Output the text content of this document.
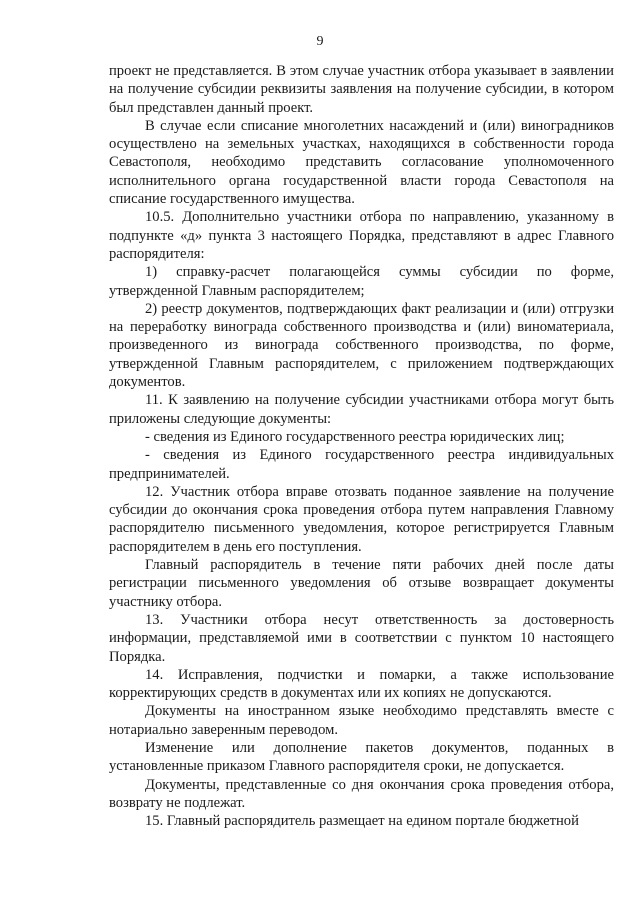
9

проект не представляется. В этом случае участник отбора указывает в заявлении на получение субсидии реквизиты заявления на получение субсидии, в котором был представлен данный проект.

В случае если списание многолетних насаждений и (или) виноградников осуществлено на земельных участках, находящихся в собственности города Севастополя, необходимо представить согласование уполномоченного исполнительного органа государственной власти города Севастополя на списание государственного имущества.

10.5. Дополнительно участники отбора по направлению, указанному в подпункте «д» пункта 3 настоящего Порядка, представляют в адрес Главного распорядителя:

1) справку-расчет полагающейся суммы субсидии по форме, утвержденной Главным распорядителем;

2) реестр документов, подтверждающих факт реализации и (или) отгрузки на переработку винограда собственного производства и (или) виноматериала, произведенного из винограда собственного производства, по форме, утвержденной Главным распорядителем, с приложением подтверждающих документов.

11. К заявлению на получение субсидии участниками отбора могут быть приложены следующие документы:

- сведения из Единого государственного реестра юридических лиц;

- сведения из Единого государственного реестра индивидуальных предпринимателей.

12. Участник отбора вправе отозвать поданное заявление на получение субсидии до окончания срока проведения отбора путем направления Главному распорядителю письменного уведомления, которое регистрируется Главным распорядителем в день его поступления.

Главный распорядитель в течение пяти рабочих дней после даты регистрации письменного уведомления об отзыве возвращает документы участнику отбора.

13. Участники отбора несут ответственность за достоверность информации, представляемой ими в соответствии с пунктом 10 настоящего Порядка.

14. Исправления, подчистки и помарки, а также использование корректирующих средств в документах или их копиях не допускаются.

Документы на иностранном языке необходимо представлять вместе с нотариально заверенным переводом.

Изменение или дополнение пакетов документов, поданных в установленные приказом Главного распорядителя сроки, не допускается.

Документы, представленные со дня окончания срока проведения отбора, возврату не подлежат.

15. Главный распорядитель размещает на едином портале бюджетной
